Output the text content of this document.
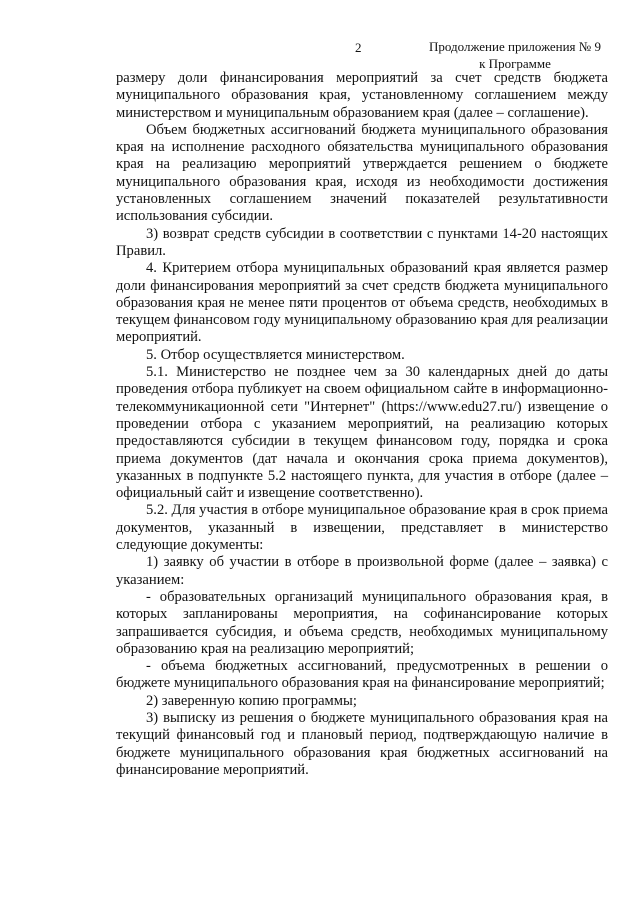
2	Продолжение приложения № 9
к Программе

размеру доли финансирования мероприятий за счет средств бюджета муниципального образования края, установленному соглашением между министерством и муниципальным образованием края (далее – соглашение).

Объем бюджетных ассигнований бюджета муниципального образования края на исполнение расходного обязательства муниципального образования края на реализацию мероприятий утверждается решением о бюджете муниципального образования края, исходя из необходимости достижения установленных соглашением значений показателей результативности использования субсидии.

3) возврат средств субсидии в соответствии с пунктами 14-20 настоящих Правил.

4. Критерием отбора муниципальных образований края является размер доли финансирования мероприятий за счет средств бюджета муниципального образования края не менее пяти процентов от объема средств, необходимых в текущем финансовом году муниципальному образованию края для реализации мероприятий.

5. Отбор осуществляется министерством.

5.1. Министерство не позднее чем за 30 календарных дней до даты проведения отбора публикует на своем официальном сайте в информационно-телекоммуникационной сети "Интернет" (https://www.edu27.ru/) извещение о проведении отбора с указанием мероприятий, на реализацию которых предоставляются субсидии в текущем финансовом году, порядка и срока приема документов (дат начала и окончания срока приема документов), указанных в подпункте 5.2 настоящего пункта, для участия в отборе (далее – официальный сайт и извещение соответственно).

5.2. Для участия в отборе муниципальное образование края в срок приема документов, указанный в извещении, представляет в министерство следующие документы:

1) заявку об участии в отборе в произвольной форме (далее – заявка) с указанием:

- образовательных организаций муниципального образования края, в которых запланированы мероприятия, на софинансирование которых запрашивается субсидия, и объема средств, необходимых муниципальному образованию края на реализацию мероприятий;

- объема бюджетных ассигнований, предусмотренных в решении о бюджете муниципального образования края на финансирование мероприятий;

2) заверенную копию программы;

3) выписку из решения о бюджете муниципального образования края на текущий финансовый год и плановый период, подтверждающую наличие в бюджете муниципального образования края бюджетных ассигнований на финансирование мероприятий.
